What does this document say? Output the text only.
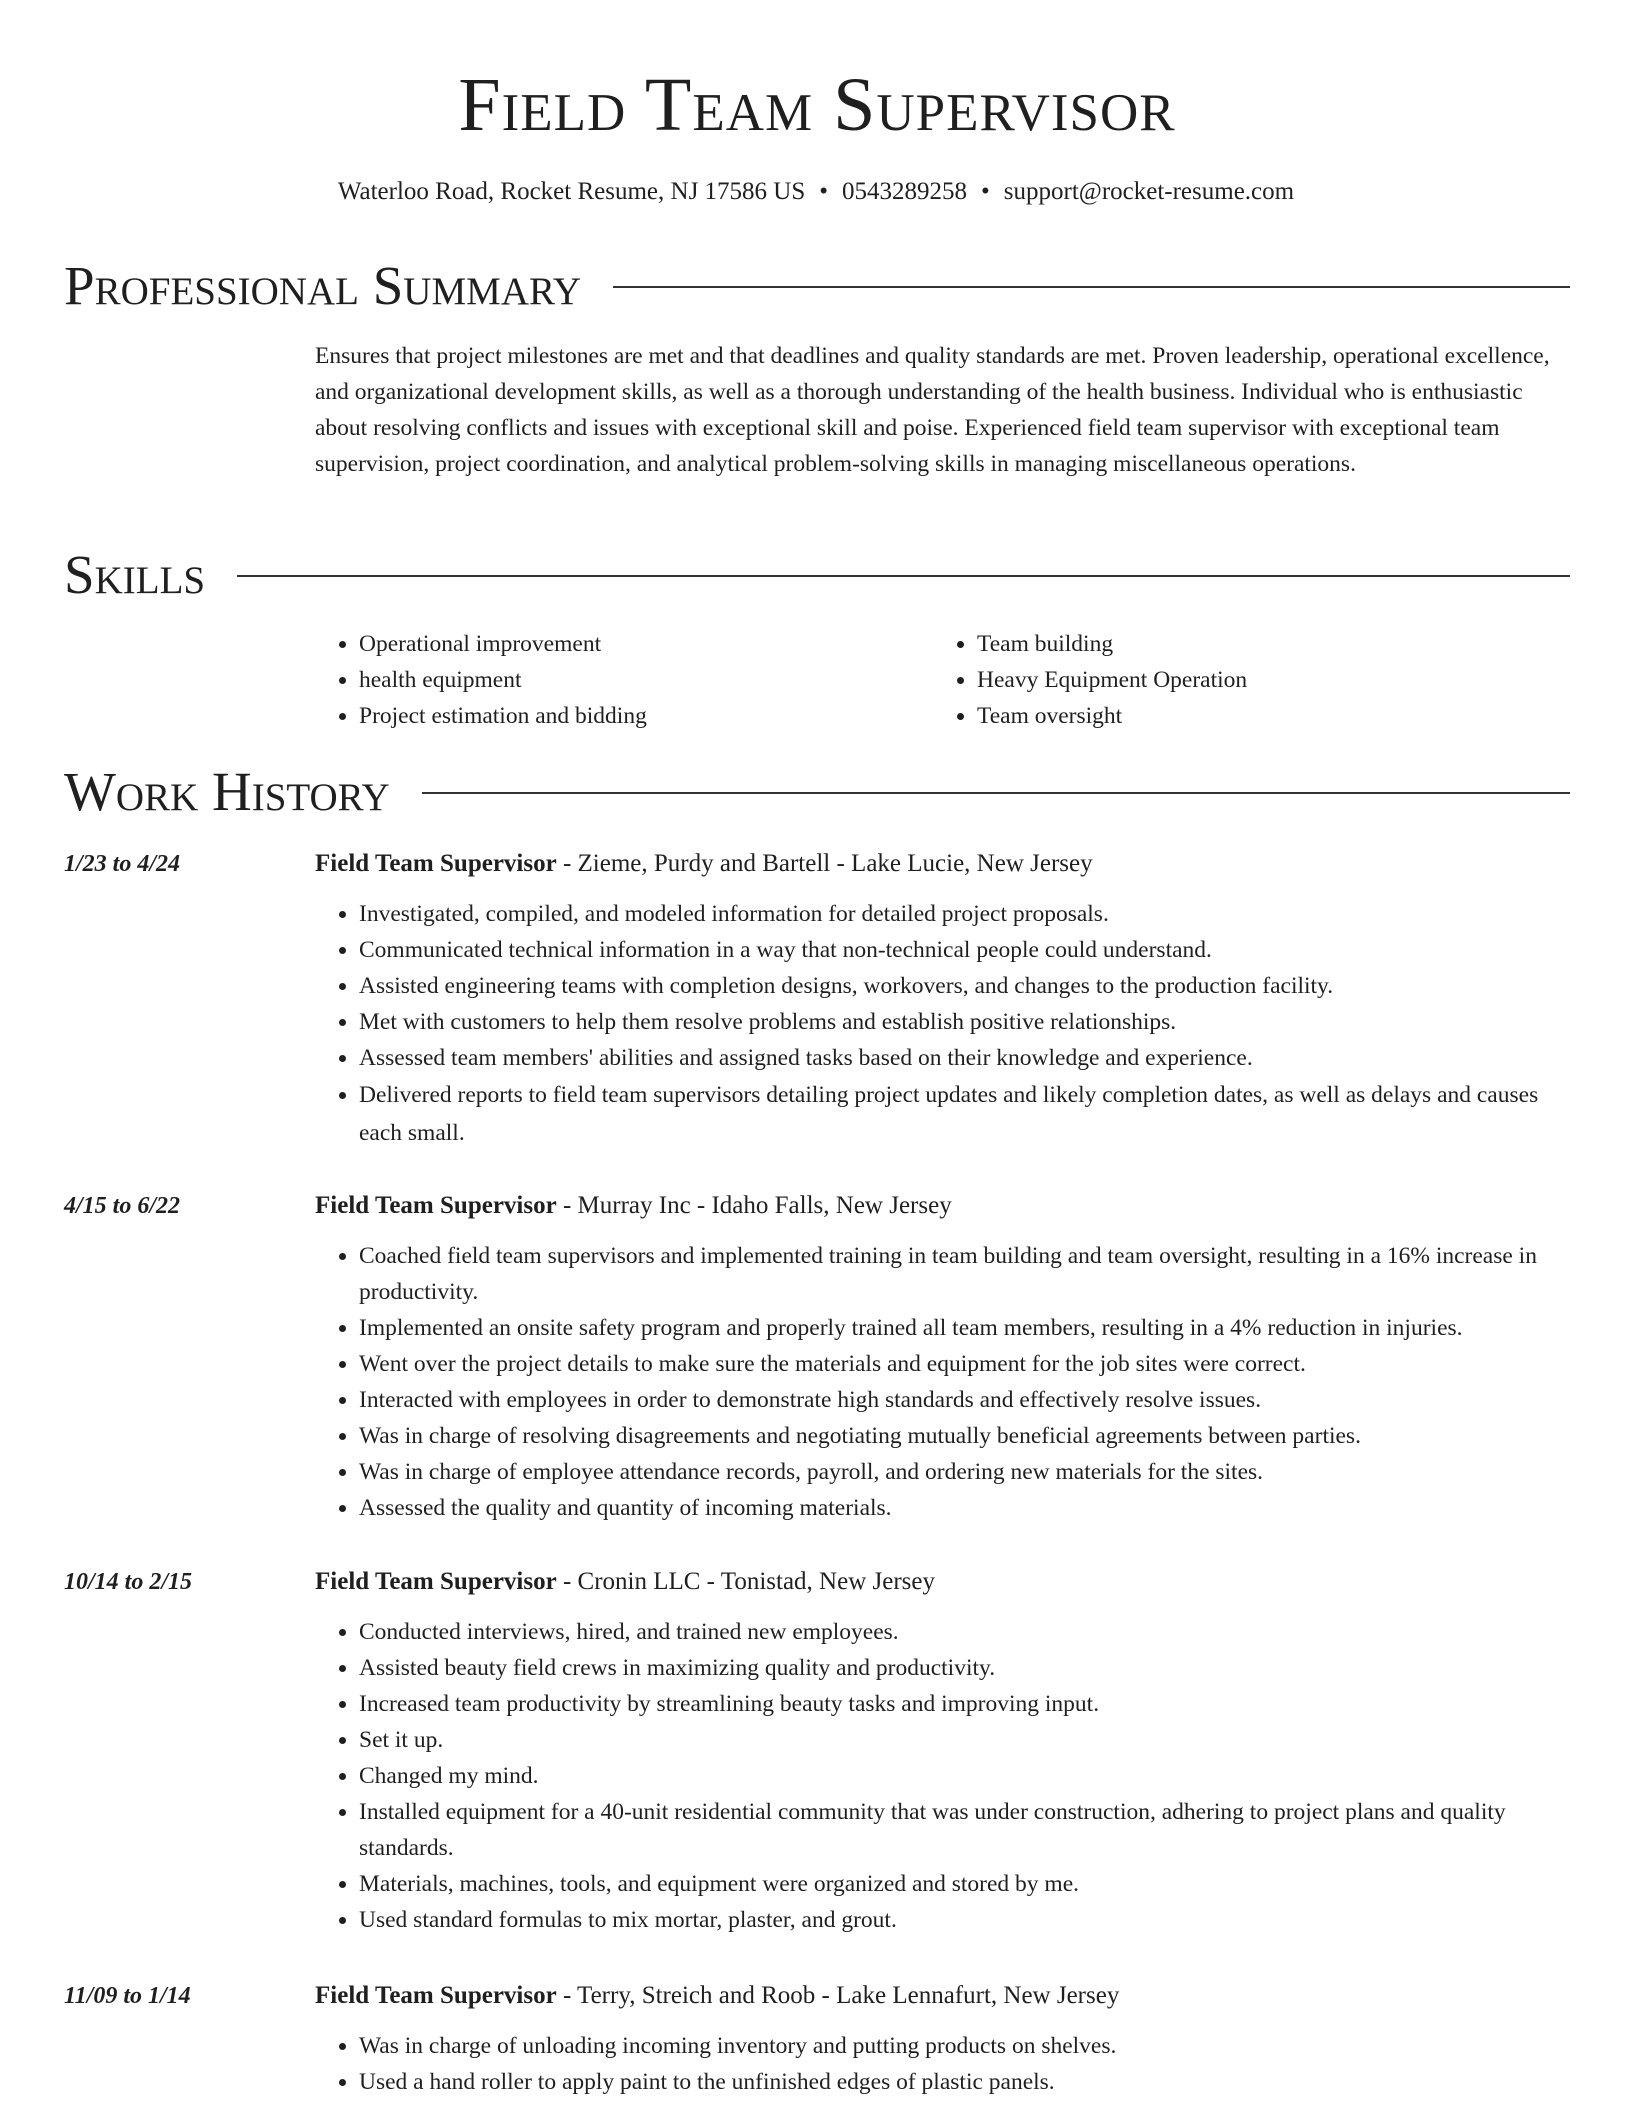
Field Team Supervisor
Waterloo Road, Rocket Resume, NJ 17586 US • 0543289258 • support@rocket-resume.com
Professional Summary

Ensures that project milestones are met and that deadlines and quality standards are met. Proven leadership, operational excellence, and organizational development skills, as well as a thorough understanding of the health business. Individual who is enthusiastic about resolving conflicts and issues with exceptional skill and poise. Experienced field team supervisor with exceptional team supervision, project coordination, and analytical problem-solving skills in managing miscellaneous operations.

Skills
• Operational improvement
• health equipment
• Project estimation and bidding
• Team building
• Heavy Equipment Operation
• Team oversight
Work History
1/23 to 4/24	Field Team Supervisor - Zieme, Purdy and Bartell - Lake Lucie, New Jersey
• Investigated, compiled, and modeled information for detailed project proposals.
• Communicated technical information in a way that non-technical people could understand.
• Assisted engineering teams with completion designs, workovers, and changes to the production facility.
• Met with customers to help them resolve problems and establish positive relationships.
• Assessed team members' abilities and assigned tasks based on their knowledge and experience.
• Delivered reports to field team supervisors detailing project updates and likely completion dates, as well as delays and causes each small.
4/15 to 6/22	Field Team Supervisor - Murray Inc - Idaho Falls, New Jersey
• Coached field team supervisors and implemented training in team building and team oversight, resulting in a 16% increase in productivity.
• Implemented an onsite safety program and properly trained all team members, resulting in a 4% reduction in injuries.
• Went over the project details to make sure the materials and equipment for the job sites were correct.
• Interacted with employees in order to demonstrate high standards and effectively resolve issues.
• Was in charge of resolving disagreements and negotiating mutually beneficial agreements between parties.
• Was in charge of employee attendance records, payroll, and ordering new materials for the sites.
• Assessed the quality and quantity of incoming materials.
10/14 to 2/15	Field Team Supervisor - Cronin LLC - Tonistad, New Jersey
• Conducted interviews, hired, and trained new employees.
• Assisted beauty field crews in maximizing quality and productivity.
• Increased team productivity by streamlining beauty tasks and improving input.
• Set it up.
• Changed my mind.
• Installed equipment for a 40-unit residential community that was under construction, adhering to project plans and quality standards.
• Materials, machines, tools, and equipment were organized and stored by me.
• Used standard formulas to mix mortar, plaster, and grout.
11/09 to 1/14	Field Team Supervisor - Terry, Streich and Roob - Lake Lennafurt, New Jersey
• Was in charge of unloading incoming inventory and putting products on shelves.
• Used a hand roller to apply paint to the unfinished edges of plastic panels.
